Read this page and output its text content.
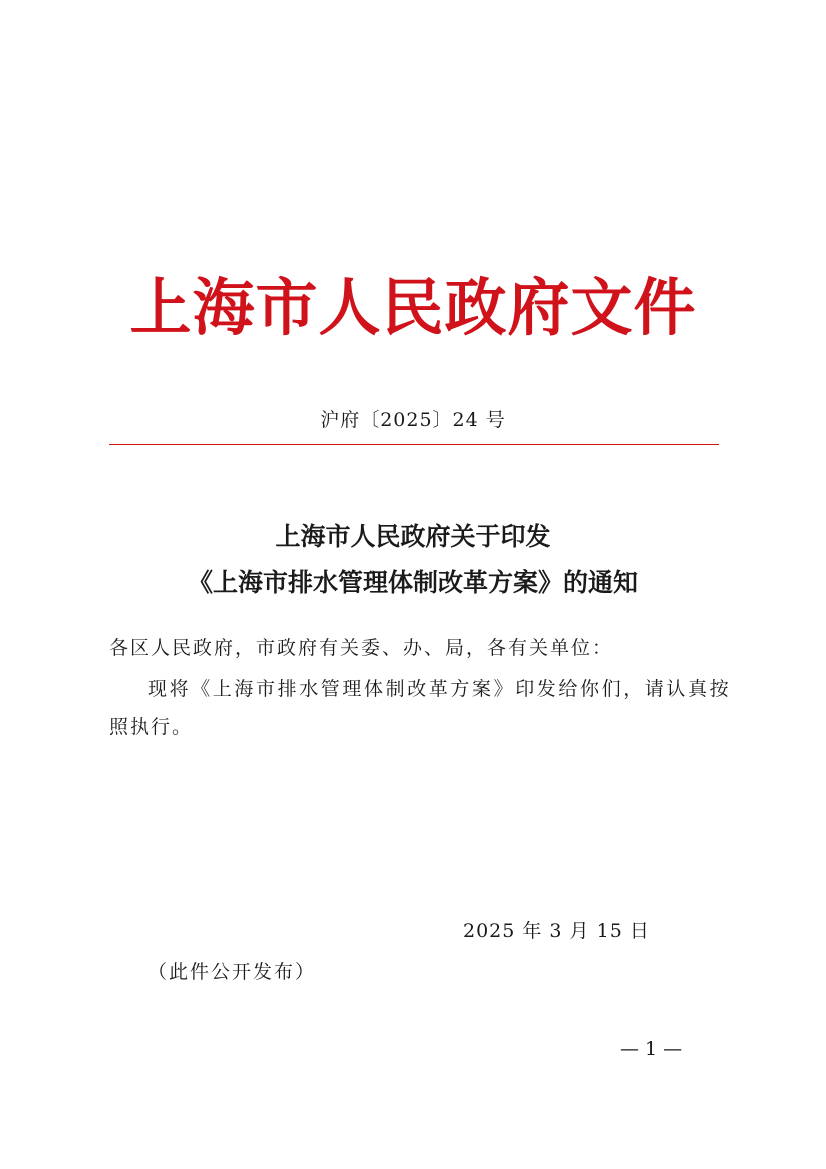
上海市人民政府文件
沪府〔2025〕24 号
上海市人民政府关于印发
《上海市排水管理体制改革方案》的通知
各区人民政府，市政府有关委、办、局，各有关单位：
现将《上海市排水管理体制改革方案》印发给你们，请认真按
照执行。
2025 年 3 月 15 日
（此件公开发布）
— 1 —
